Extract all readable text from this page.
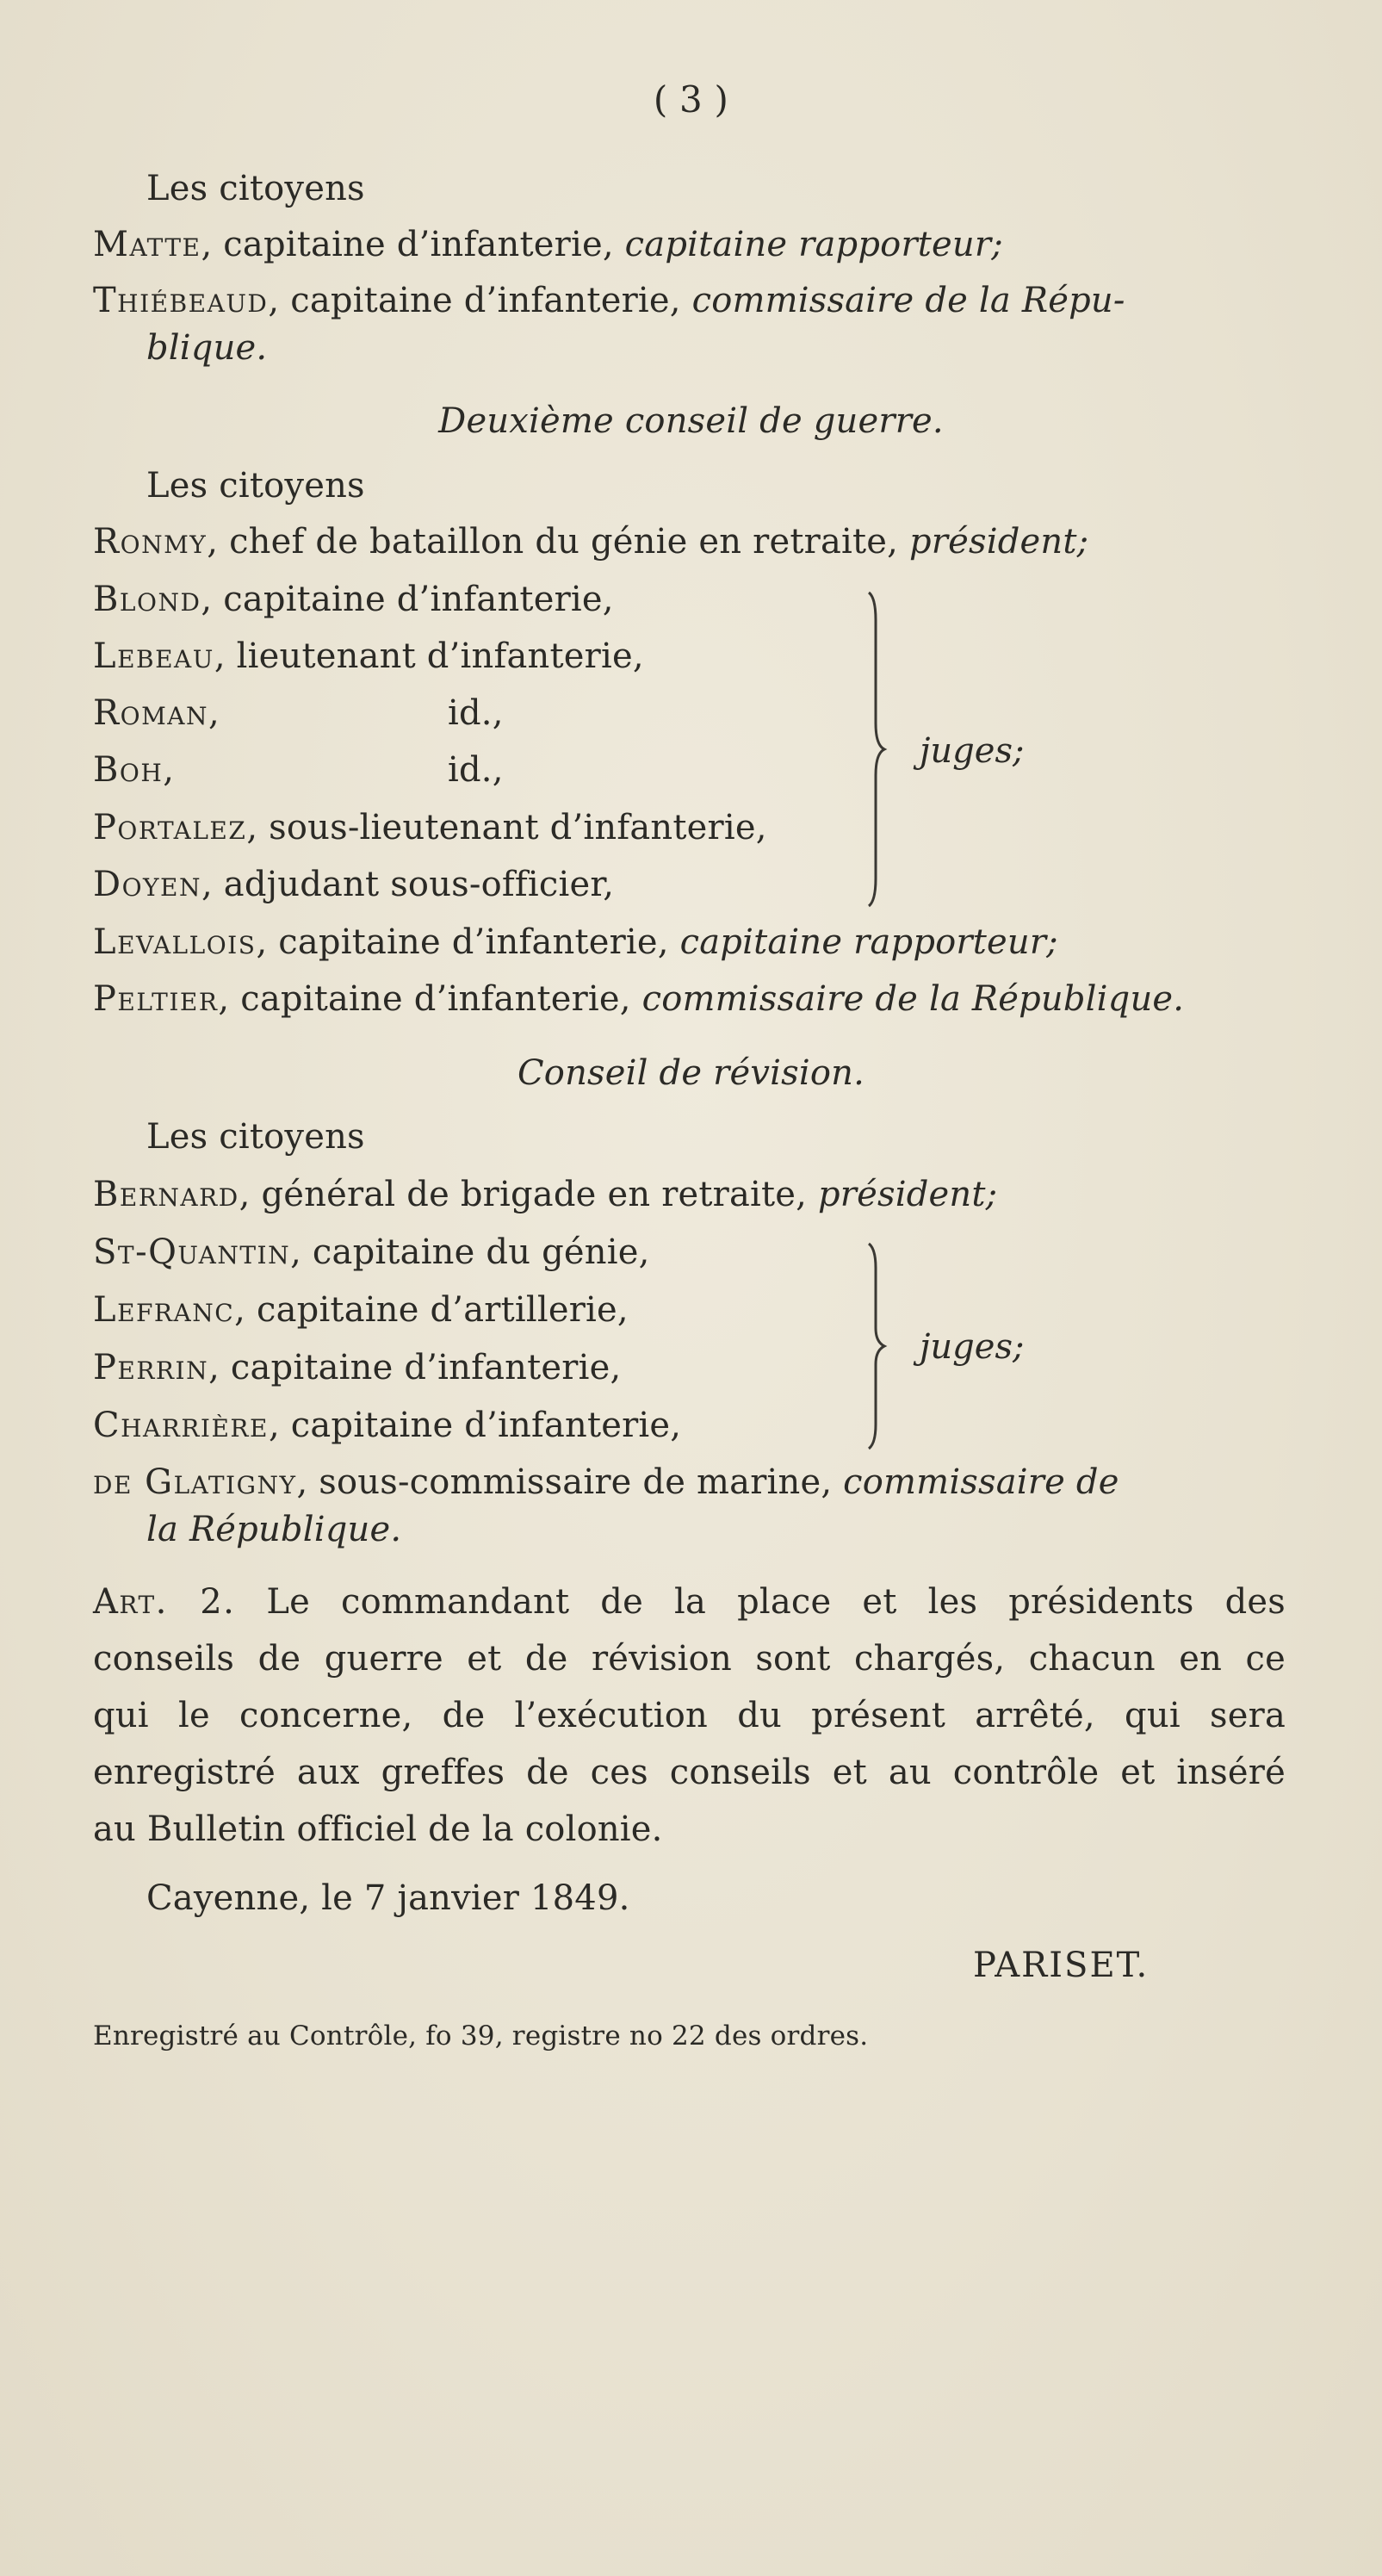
( 3 )
Les citoyens
Matte, capitaine d’infanterie, capitaine rapporteur;
Thiébeaud, capitaine d’infanterie, commissaire de la Répu-
blique.
Deuxième conseil de guerre.
Les citoyens
Ronmy, chef de bataillon du génie en retraite, président;
Blond, capitaine d’infanterie,
Lebeau, lieutenant d’infanterie,
Roman,	id.,
Boh,	id.,
Portalez, sous-lieutenant d’infanterie,
Doyen, adjudant sous-officier,
juges;
Levallois, capitaine d’infanterie, capitaine rapporteur;
Peltier, capitaine d’infanterie, commissaire de la République.
Conseil de révision.
Les citoyens
Bernard, général de brigade en retraite, président;
St-Quantin, capitaine du génie,
Lefranc, capitaine d’artillerie,
Perrin, capitaine d’infanterie,
Charrière, capitaine d’infanterie,
juges;
de Glatigny, sous-commissaire de marine, commissaire de
la République.
Art. 2. Le commandant de la place et les présidents des
conseils de guerre et de révision sont chargés, chacun en ce
qui le concerne, de l’exécution du présent arrêté, qui sera
enregistré aux greffes de ces conseils et au contrôle et inséré
au Bulletin officiel de la colonie.
Cayenne, le 7 janvier 1849.
PARISET.
Enregistré au Contrôle, fo 39, registre no 22 des ordres.
